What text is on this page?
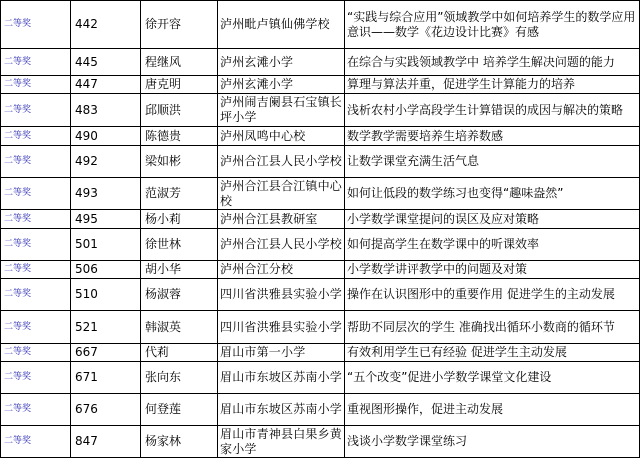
二等奖	442	徐开容	泸州毗卢镇仙佛学校	“实践与综合应用”领域教学中如何培养学生的数学应用意识——数学《花边设计比赛》有感
二等奖	445	程继风	泸州玄滩小学	在综合与实践领域教学中 培养学生解决问题的能力
二等奖	447	唐克明	泸州玄滩小学	算理与算法并重，促进学生计算能力的培养
二等奖	483	邱顺洪	泸州闹吉阑县石宝镇长坪小学	浅析农村小学高段学生计算错误的成因与解决的策略
二等奖	490	陈德贵	泸州凤鸣中心校	数学教学需要培养生培养数感
二等奖	492	梁如彬	泸州合江县人民小学校	让数学课堂充满生活气息
二等奖	493	范淑芳	泸州合江县合江镇中心校	如何让低段的数学练习也变得“趣味盎然”
二等奖	495	杨小莉	泸州合江县教研室	小学数学课堂提问的误区及应对策略
二等奖	501	徐世林	泸州合江县人民小学校	如何提高学生在数学课中的听课效率
二等奖	506	胡小华	泸州合江分校	小学数学讲评教学中的问题及对策
二等奖	510	杨淑蓉	四川省洪雅县实验小学	操作在认识图形中的重要作用 促进学生的主动发展
二等奖	521	韩淑英	四川省洪雅县实验小学	帮助不同层次的学生 准确找出循环小数商的循环节
二等奖	667	代莉	眉山市第一小学	有效利用学生已有经验 促进学生主动发展
二等奖	671	张向东	眉山市东坡区苏南小学	“五个改变”促进小学数学课堂文化建设
二等奖	676	何登莲	眉山市东坡区苏南小学	重视图形操作，促进主动发展
二等奖	847	杨家林	眉山市青神县白果乡黄家小学	浅谈小学数学课堂练习
